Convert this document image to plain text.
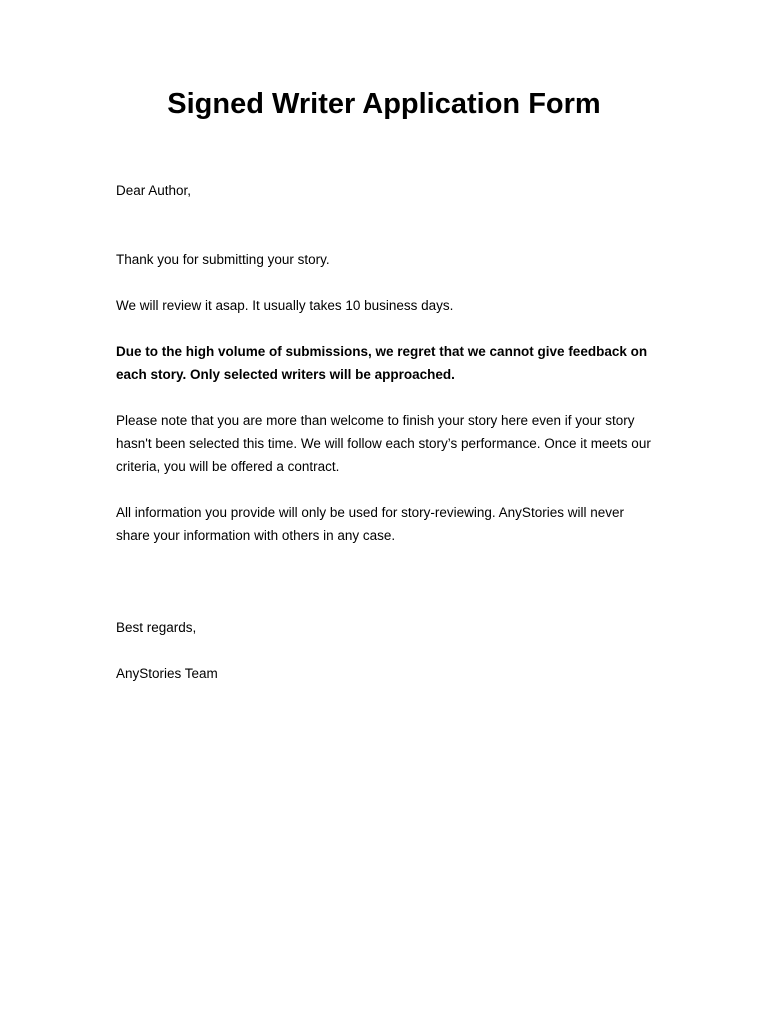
Signed Writer Application Form

Dear Author,

Thank you for submitting your story.

We will review it asap. It usually takes 10 business days.

Due to the high volume of submissions, we regret that we cannot give feedback on each story. Only selected writers will be approached.

Please note that you are more than welcome to finish your story here even if your story hasn't been selected this time. We will follow each story’s performance. Once it meets our criteria, you will be offered a contract.

All information you provide will only be used for story-reviewing. AnyStories will never share your information with others in any case.

Best regards,

AnyStories Team
